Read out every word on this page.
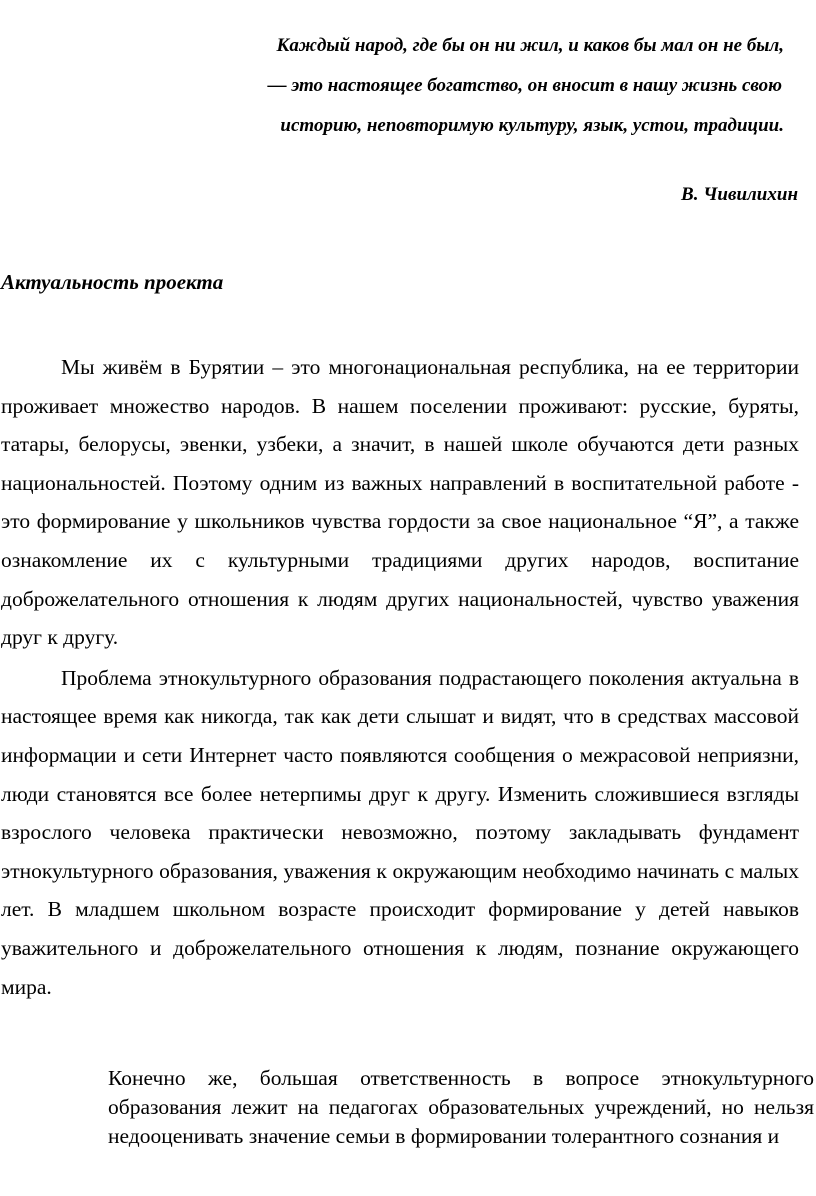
Каждый народ, где бы он ни жил, и каков бы мал он не был,
— это настоящее богатство, он вносит в нашу жизнь свою
историю, неповторимую культуру, язык, устои, традиции.
В. Чивилихин
Актуальность проекта

Мы живём в Бурятии – это многонациональная республика, на ее территории проживает множество народов. В нашем поселении проживают: русские, буряты, татары, белорусы, эвенки, узбеки, а значит, в нашей школе обучаются дети разных национальностей. Поэтому одним из важных направлений в воспитательной работе - это формирование у школьников чувства гордости за свое национальное “Я”, а также ознакомление их с культурными традициями других народов, воспитание доброжелательного отношения к людям других национальностей, чувство уважения друг к другу.

Проблема этнокультурного образования подрастающего поколения актуальна в настоящее время как никогда, так как дети слышат и видят, что в средствах массовой информации и сети Интернет часто появляются сообщения о межрасовой неприязни, люди становятся все более нетерпимы друг к другу. Изменить сложившиеся взгляды взрослого человека практически невозможно, поэтому закладывать фундамент этнокультурного образования, уважения к окружающим необходимо начинать с малых лет. В младшем школьном возрасте происходит формирование у детей навыков уважительного и доброжелательного отношения к людям, познание окружающего мира.

Конечно же, большая ответственность в вопросе этнокультурного образования лежит на педагогах образовательных учреждений, но нельзя недооценивать значение семьи в формировании толерантного сознания и
